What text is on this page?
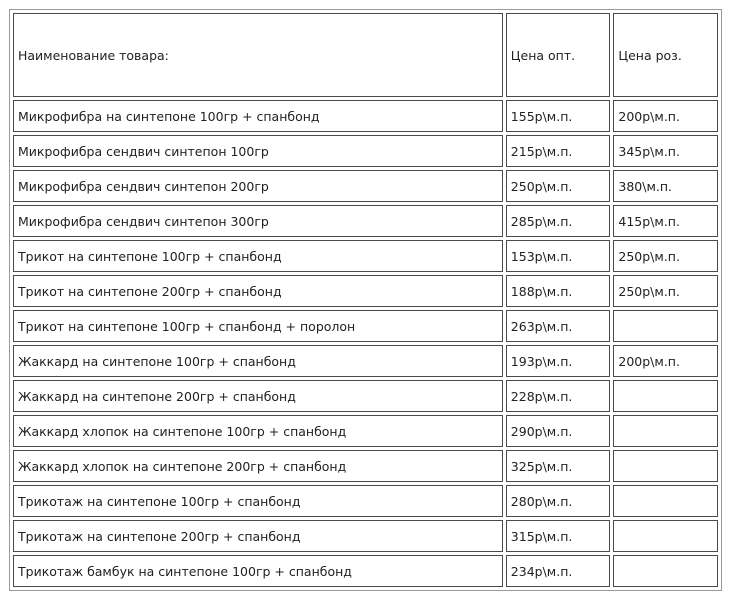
Наименование товара:	Цена опт.	Цена роз.
Микрофибра на синтепоне 100гр + спанбонд	155р\м.п.	200р\м.п.
Микрофибра сендвич синтепон 100гр	215р\м.п.	345р\м.п.
Микрофибра сендвич синтепон 200гр	250р\м.п.	380\м.п.
Микрофибра сендвич синтепон 300гр	285р\м.п.	415р\м.п.
Трикот на синтепоне 100гр + спанбонд	153р\м.п.	250р\м.п.
Трикот на синтепоне 200гр + спанбонд	188р\м.п.	250р\м.п.
Трикот на синтепоне 100гр + спанбонд + поролон	263р\м.п.	
Жаккард на синтепоне 100гр + спанбонд	193р\м.п.	200р\м.п.
Жаккард на синтепоне 200гр + спанбонд	228р\м.п.	
Жаккард хлопок на синтепоне 100гр + спанбонд	290р\м.п.	
Жаккард хлопок на синтепоне 200гр + спанбонд	325р\м.п.	
Трикотаж на синтепоне 100гр + спанбонд	280р\м.п.	
Трикотаж на синтепоне 200гр + спанбонд	315р\м.п.	
Трикотаж бамбук на синтепоне 100гр + спанбонд	234р\м.п.	
